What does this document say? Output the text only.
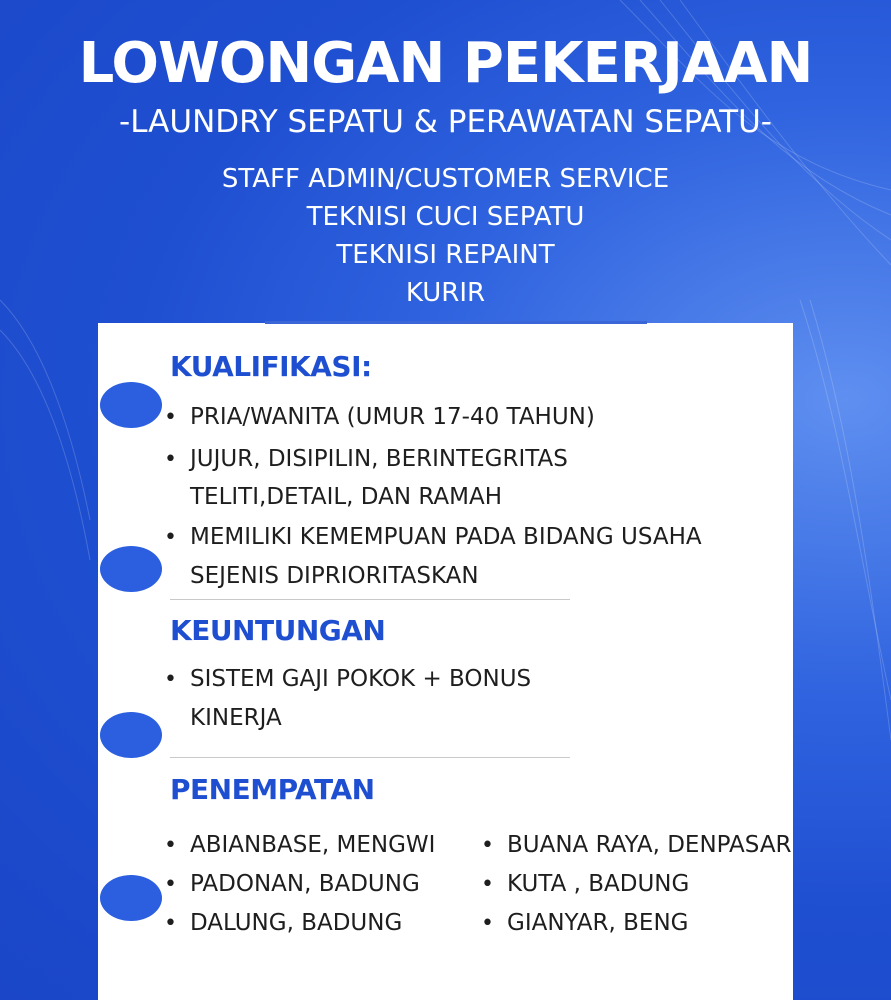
LOWONGAN PEKERJAAN
-LAUNDRY SEPATU & PERAWATAN SEPATU-
STAFF ADMIN/CUSTOMER SERVICE
TEKNISI CUCI SEPATU
TEKNISI REPAINT
KURIR
KUALIFIKASI:
• PRIA/WANITA (UMUR 17-40 TAHUN)
• JUJUR, DISIPILIN, BERINTEGRITAS
TELITI,DETAIL, DAN RAMAH
• MEMILIKI KEMEMPUAN PADA BIDANG USAHA
SEJENIS DIPRIORITASKAN
KEUNTUNGAN
• SISTEM GAJI POKOK + BONUS
KINERJA
PENEMPATAN
• ABIANBASE, MENGWI
• PADONAN, BADUNG
• DALUNG, BADUNG
• BUANA RAYA, DENPASAR
• KUTA , BADUNG
• GIANYAR, BENG
